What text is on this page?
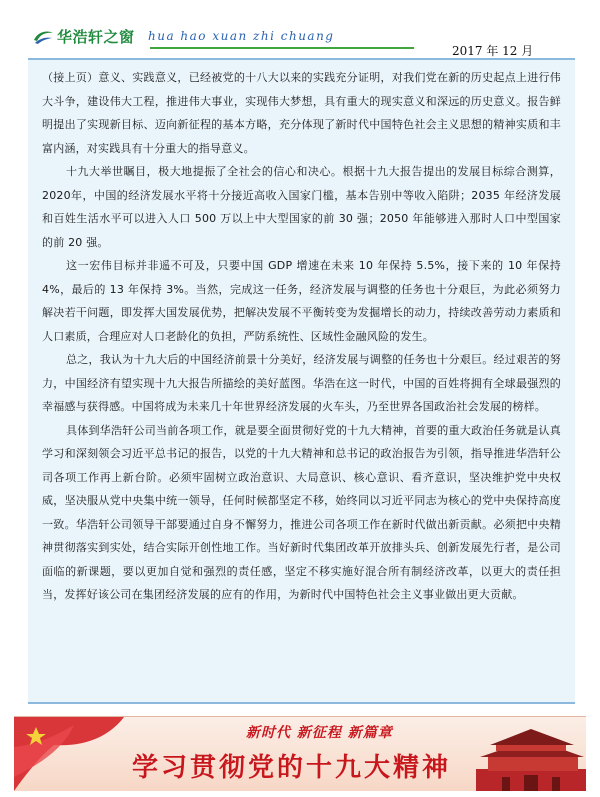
华浩轩之窗 hua hao xuan zhi chuang
2017 年 12 月

（接上页）意义、实践意义，已经被党的十八大以来的实践充分证明，对我们党在新的历史起点上进行伟大斗争，建设伟大工程，推进伟大事业，实现伟大梦想，具有重大的现实意义和深远的历史意义。报告鲜明提出了实现新目标、迈向新征程的基本方略，充分体现了新时代中国特色社会主义思想的精神实质和丰富内涵，对实践具有十分重大的指导意义。

十九大举世瞩目，极大地提振了全社会的信心和决心。根据十九大报告提出的发展目标综合测算，2020年，中国的经济发展水平将十分接近高收入国家门槛，基本告别中等收入陷阱；2035 年经济发展和百姓生活水平可以进入人口 500 万以上中大型国家的前 30 强；2050 年能够进入那时人口中型国家的前 20 强。

这一宏伟目标并非遥不可及，只要中国 GDP 增速在未来 10 年保持 5.5%，接下来的 10 年保持 4%，最后的 13 年保持 3%。当然，完成这一任务，经济发展与调整的任务也十分艰巨，为此必须努力解决若干问题，即发挥大国发展优势，把解决发展不平衡转变为发掘增长的动力，持续改善劳动力素质和人口素质，合理应对人口老龄化的负担，严防系统性、区域性金融风险的发生。

总之，我认为十九大后的中国经济前景十分美好，经济发展与调整的任务也十分艰巨。经过艰苦的努力，中国经济有望实现十九大报告所描绘的美好蓝图。华浩在这一时代，中国的百姓将拥有全球最强烈的幸福感与获得感。中国将成为未来几十年世界经济发展的火车头，乃至世界各国政治社会发展的榜样。

具体到华浩轩公司当前各项工作，就是要全面贯彻好党的十九大精神，首要的重大政治任务就是认真学习和深刻领会习近平总书记的报告，以党的十九大精神和总书记的政治报告为引领，指导推进华浩轩公司各项工作再上新台阶。必须牢固树立政治意识、大局意识、核心意识、看齐意识，坚决维护党中央权威，坚决服从党中央集中统一领导，任何时候都坚定不移，始终同以习近平同志为核心的党中央保持高度一致。华浩轩公司领导干部要通过自身不懈努力，推进公司各项工作在新时代做出新贡献。必须把中央精神贯彻落实到实处，结合实际开创性地工作。当好新时代集团改革开放排头兵、创新发展先行者，是公司面临的新课题，要以更加自觉和强烈的责任感，坚定不移实施好混合所有制经济改革，以更大的责任担当，发挥好该公司在集团经济发展的应有的作用，为新时代中国特色社会主义事业做出更大贡献。

新时代 新征程 新篇章
学习贯彻党的十九大精神
